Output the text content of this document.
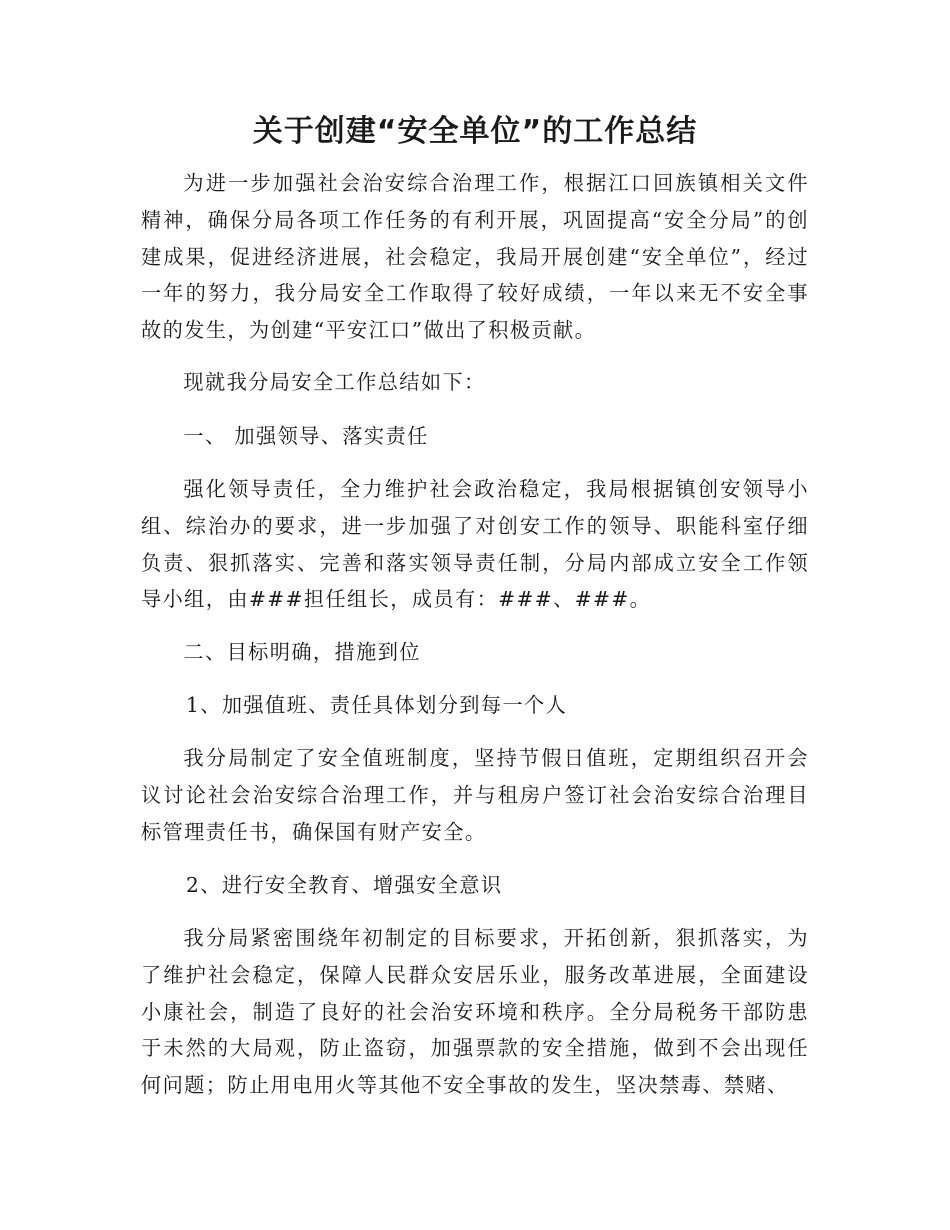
关于创建“安全单位”的工作总结

为进一步加强社会治安综合治理工作，根据江口回族镇相关文件精神，确保分局各项工作任务的有利开展，巩固提高“安全分局”的创建成果，促进经济进展，社会稳定，我局开展创建“安全单位”，经过一年的努力，我分局安全工作取得了较好成绩，一年以来无不安全事故的发生，为创建“平安江口”做出了积极贡献。

现就我分局安全工作总结如下：

一、 加强领导、落实责任

强化领导责任，全力维护社会政治稳定，我局根据镇创安领导小组、综治办的要求，进一步加强了对创安工作的领导、职能科室仔细负责、狠抓落实、完善和落实领导责任制，分局内部成立安全工作领导小组，由###担任组长，成员有：###、###。

二、目标明确，措施到位

1、加强值班、责任具体划分到每一个人

我分局制定了安全值班制度，坚持节假日值班，定期组织召开会议讨论社会治安综合治理工作，并与租房户签订社会治安综合治理目标管理责任书，确保国有财产安全。

2、进行安全教育、增强安全意识

我分局紧密围绕年初制定的目标要求，开拓创新，狠抓落实，为了维护社会稳定，保障人民群众安居乐业，服务改革进展，全面建设小康社会，制造了良好的社会治安环境和秩序。全分局税务干部防患于未然的大局观，防止盗窃，加强票款的安全措施，做到不会出现任何问题；防止用电用火等其他不安全事故的发生，坚决禁毒、禁赌、
